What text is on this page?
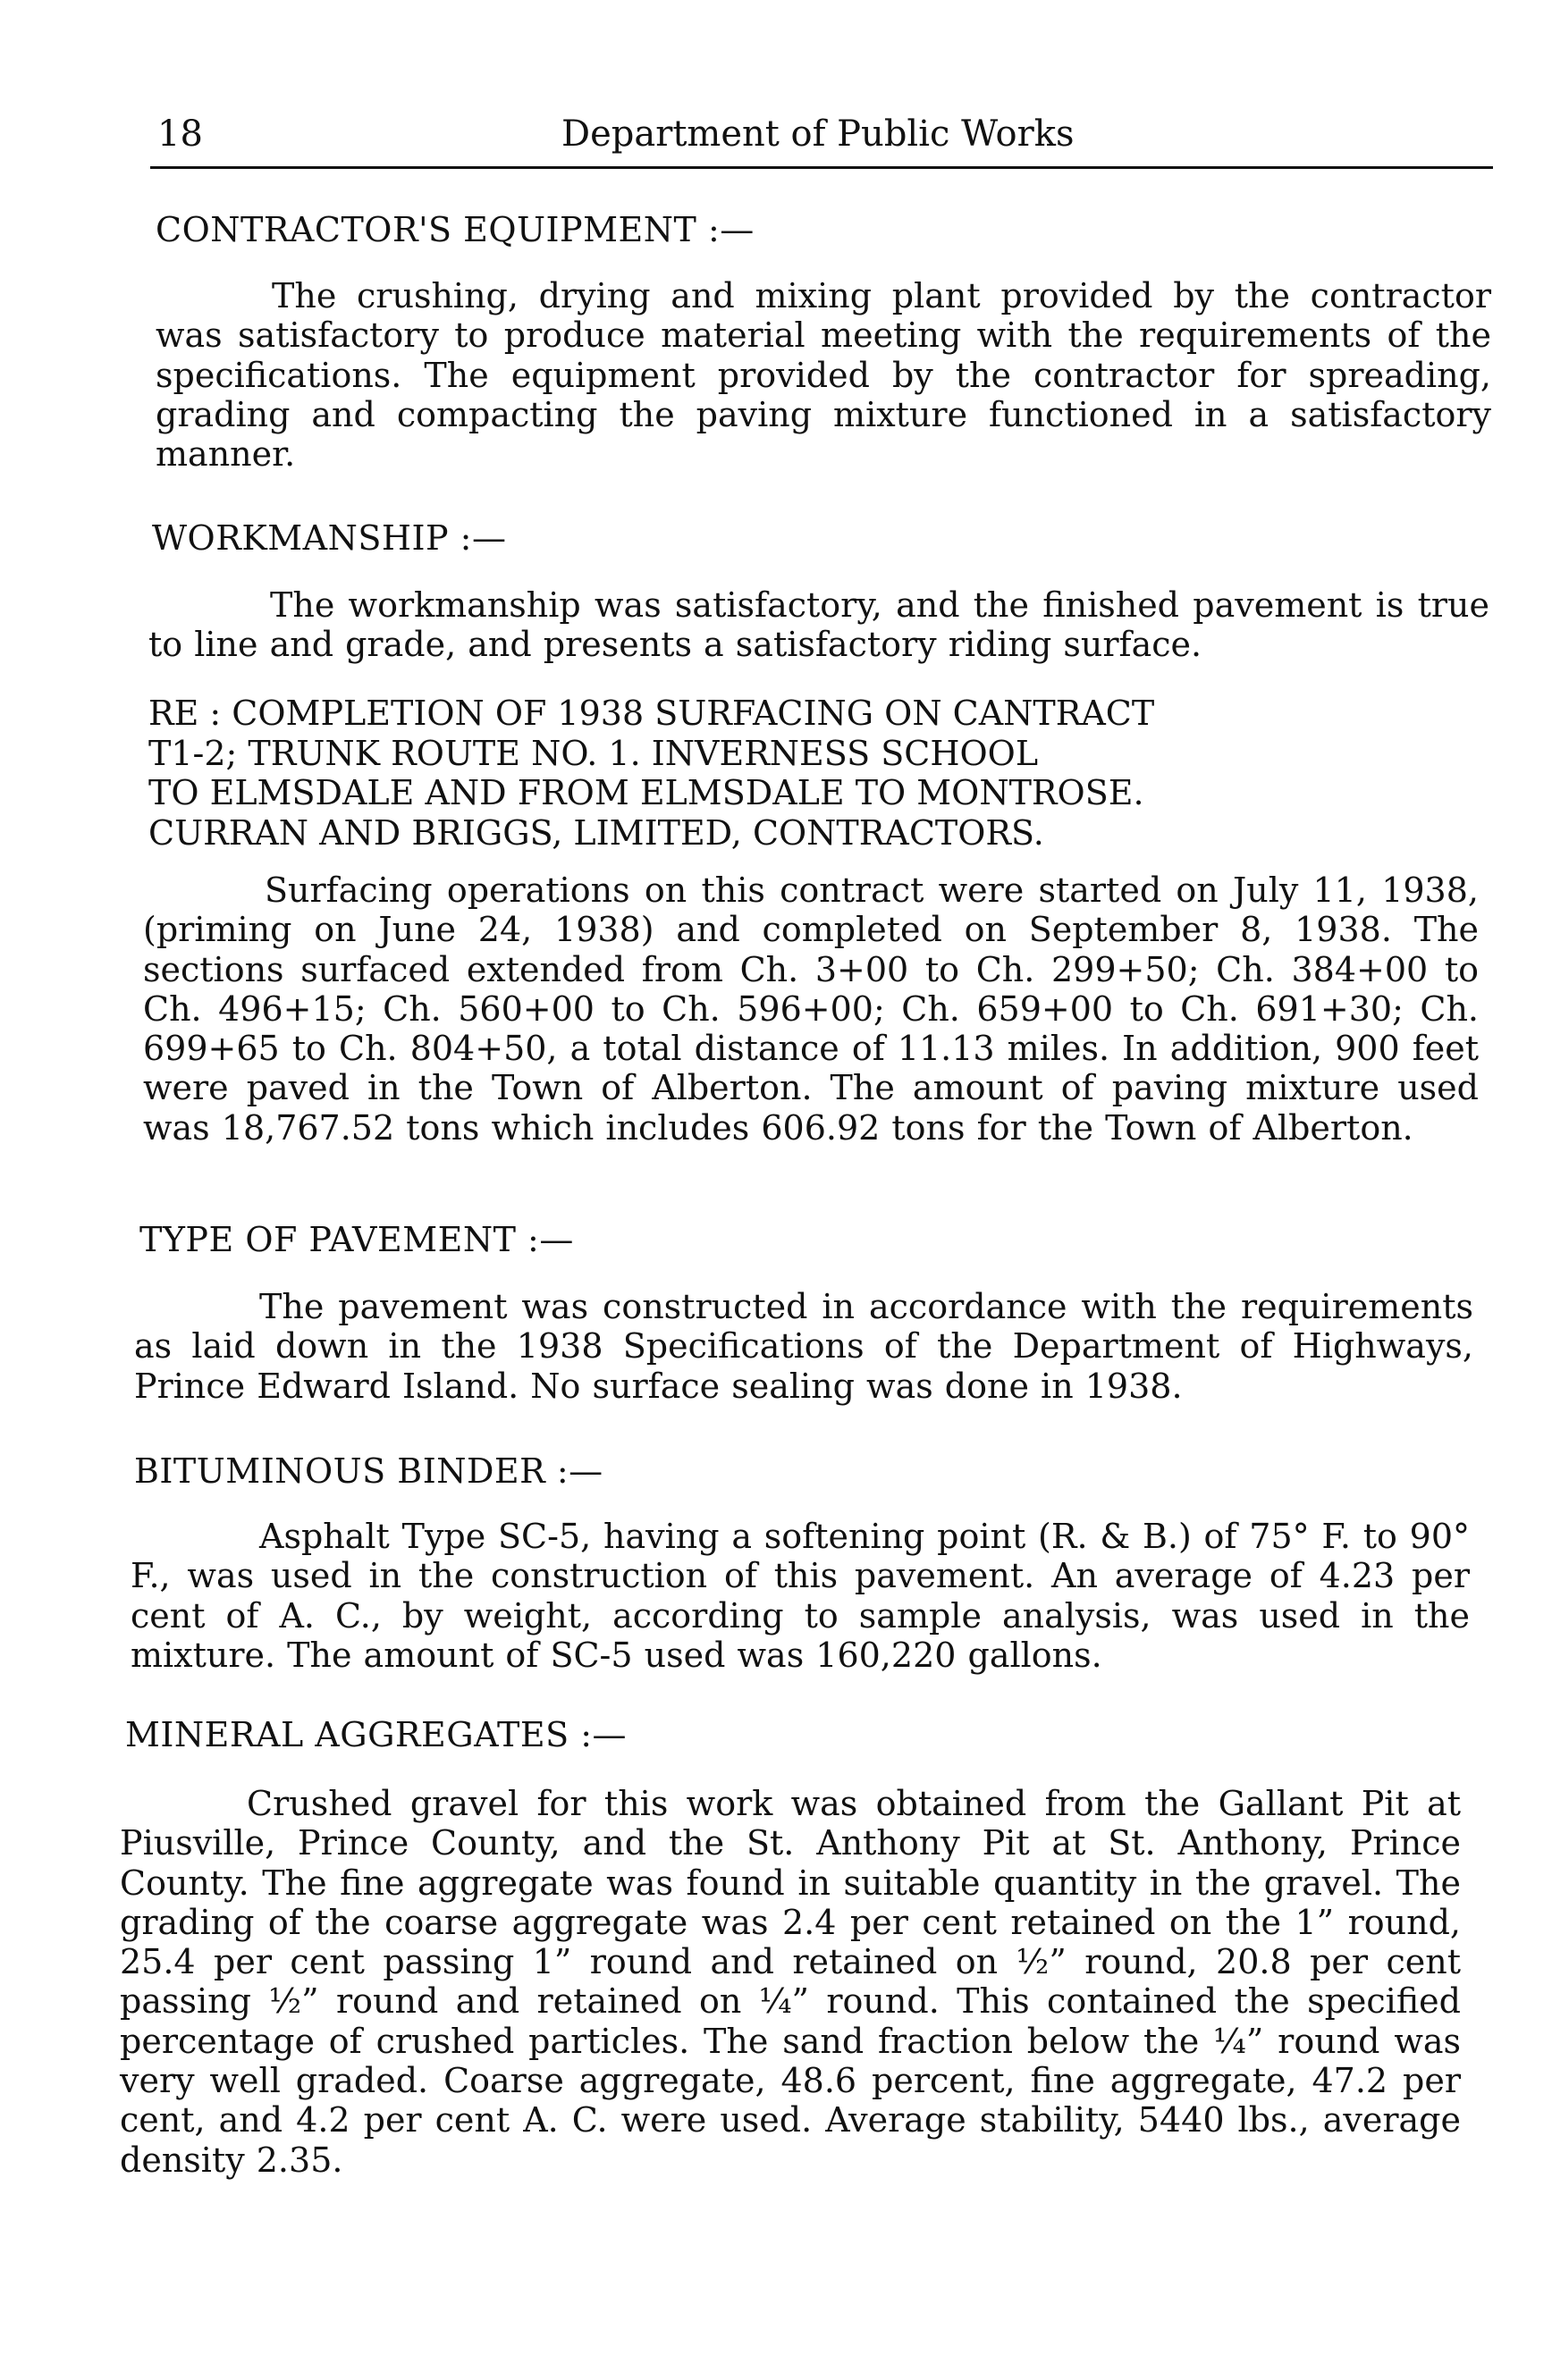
18	Department of Public Works
CONTRACTOR'S EQUIPMENT :—
The crushing, drying and mixing plant provided by the contractor was satisfactory to produce material meeting with the requirements of the specifications. The equipment provided by the contractor for spreading, grading and compacting the paving mixture functioned in a satisfactory manner.
WORKMANSHIP :—
The workmanship was satisfactory, and the finished pavement is true to line and grade, and presents a satisfactory riding surface.
RE : COMPLETION OF 1938 SURFACING ON CANTRACT
T1-2; TRUNK ROUTE NO. 1. INVERNESS SCHOOL
TO ELMSDALE AND FROM ELMSDALE TO MONTROSE.
CURRAN AND BRIGGS, LIMITED, CONTRACTORS.
Surfacing operations on this contract were started on July 11, 1938, (priming on June 24, 1938) and completed on September 8, 1938. The sections surfaced extended from Ch. 3+00 to Ch. 299+50; Ch. 384+00 to Ch. 496+15; Ch. 560+00 to Ch. 596+00; Ch. 659+00 to Ch. 691+30; Ch. 699+65 to Ch. 804+50, a total distance of 11.13 miles. In addition, 900 feet were paved in the Town of Alberton. The amount of paving mixture used was 18,767.52 tons which includes 606.92 tons for the Town of Alberton.
TYPE OF PAVEMENT :—
The pavement was constructed in accordance with the requirements as laid down in the 1938 Specifications of the Department of Highways, Prince Edward Island. No surface sealing was done in 1938.
BITUMINOUS BINDER :—
Asphalt Type SC-5, having a softening point (R. & B.) of 75° F. to 90° F., was used in the construction of this pavement. An average of 4.23 per cent of A. C., by weight, according to sample analysis, was used in the mixture. The amount of SC-5 used was 160,220 gallons.
MINERAL AGGREGATES :—
Crushed gravel for this work was obtained from the Gallant Pit at Piusville, Prince County, and the St. Anthony Pit at St. Anthony, Prince County. The fine aggregate was found in suitable quantity in the gravel. The grading of the coarse aggregate was 2.4 per cent retained on the 1” round, 25.4 per cent passing 1” round and retained on ½” round, 20.8 per cent passing ½” round and retained on ¼” round. This contained the specified percentage of crushed particles. The sand fraction below the ¼” round was very well graded. Coarse aggregate, 48.6 percent, fine aggregate, 47.2 per cent, and 4.2 per cent A. C. were used. Average stability, 5440 lbs., average density 2.35.
